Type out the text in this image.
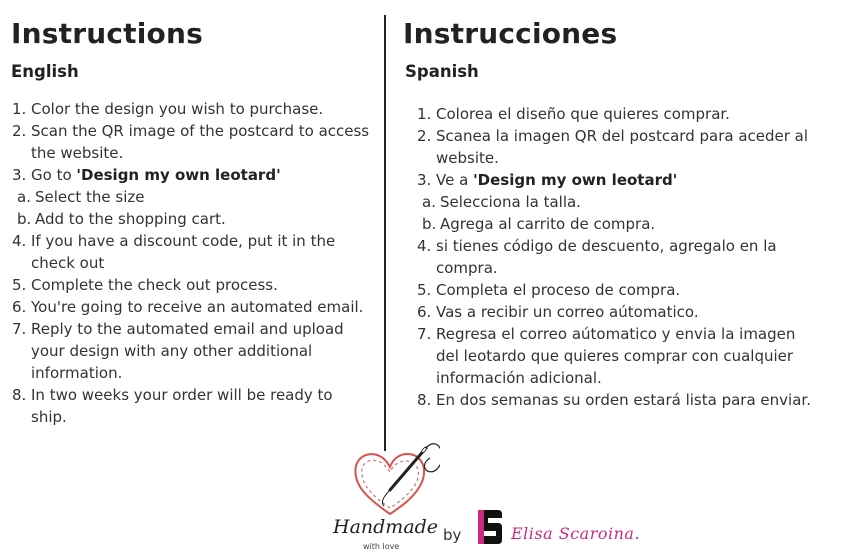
Instructions
English
1. Color the design you wish to purchase.
2. Scan the QR image of the postcard to access the website.
3. Go to 'Design my own leotard'
a. Select the size
b. Add to the shopping cart.
4. If you have a discount code, put it in the check out
5. Complete the check out process.
6. You're going to receive an automated email.
7. Reply to the automated email and upload your design with any other additional information.
8. In two weeks your order will be ready to ship.
Instrucciones
Spanish
1. Colorea el diseño que quieres comprar.
2. Scanea la imagen QR del postcard para aceder al website.
3. Ve a 'Design my own leotard'
a. Selecciona la talla.
b. Agrega al carrito de compra.
4. si tienes código de descuento, agregalo en la compra.
5. Completa el proceso de compra.
6. Vas a recibir un correo aútomatico.
7. Regresa el correo aútomatico y envia la imagen del leotardo que quieres comprar con cualquier información adicional.
8. En dos semanas su orden estará lista para enviar.
Handmade
with love
by	Elisa Scaroina.
